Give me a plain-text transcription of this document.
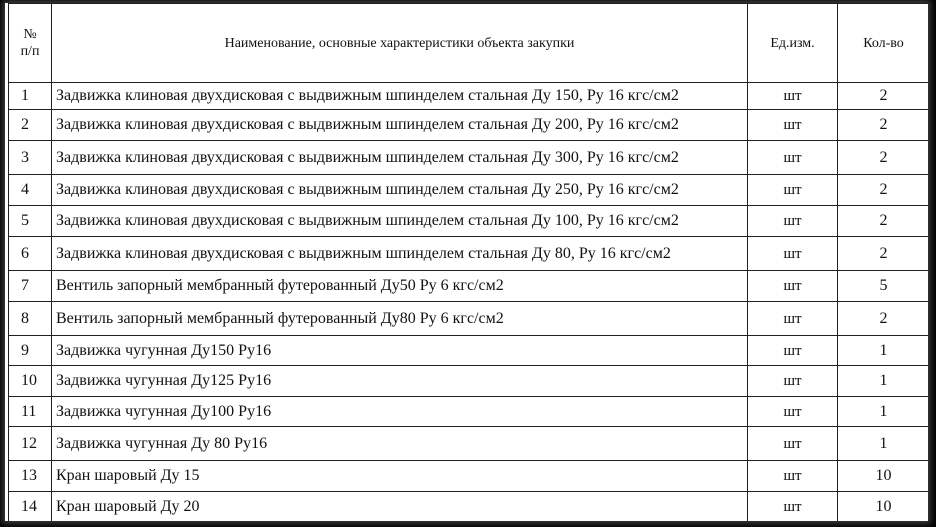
№
п/п	Наименование, основные характеристики объекта закупки	Ед.изм.	Кол-во
1	Задвижка клиновая двухдисковая с выдвижным шпинделем стальная Ду 150, Ру 16 кгс/см2	шт	2
2	Задвижка клиновая двухдисковая с выдвижным шпинделем стальная Ду 200, Ру 16 кгс/см2	шт	2
3	Задвижка клиновая двухдисковая с выдвижным шпинделем стальная Ду 300, Ру 16 кгс/см2	шт	2
4	Задвижка клиновая двухдисковая с выдвижным шпинделем стальная Ду 250, Ру 16 кгс/см2	шт	2
5	Задвижка клиновая двухдисковая с выдвижным шпинделем стальная Ду 100, Ру 16 кгс/см2	шт	2
6	Задвижка клиновая двухдисковая с выдвижным шпинделем стальная Ду 80, Ру 16 кгс/см2	шт	2
7	Вентиль запорный мембранный футерованный Ду50 Ру 6 кгс/см2	шт	5
8	Вентиль запорный мембранный футерованный Ду80 Ру 6 кгс/см2	шт	2
9	Задвижка чугунная Ду150 Ру16	шт	1
10	Задвижка чугунная Ду125 Ру16	шт	1
11	Задвижка чугунная Ду100 Ру16	шт	1
12	Задвижка чугунная Ду 80 Ру16	шт	1
13	Кран шаровый Ду 15	шт	10
14	Кран шаровый Ду 20	шт	10
